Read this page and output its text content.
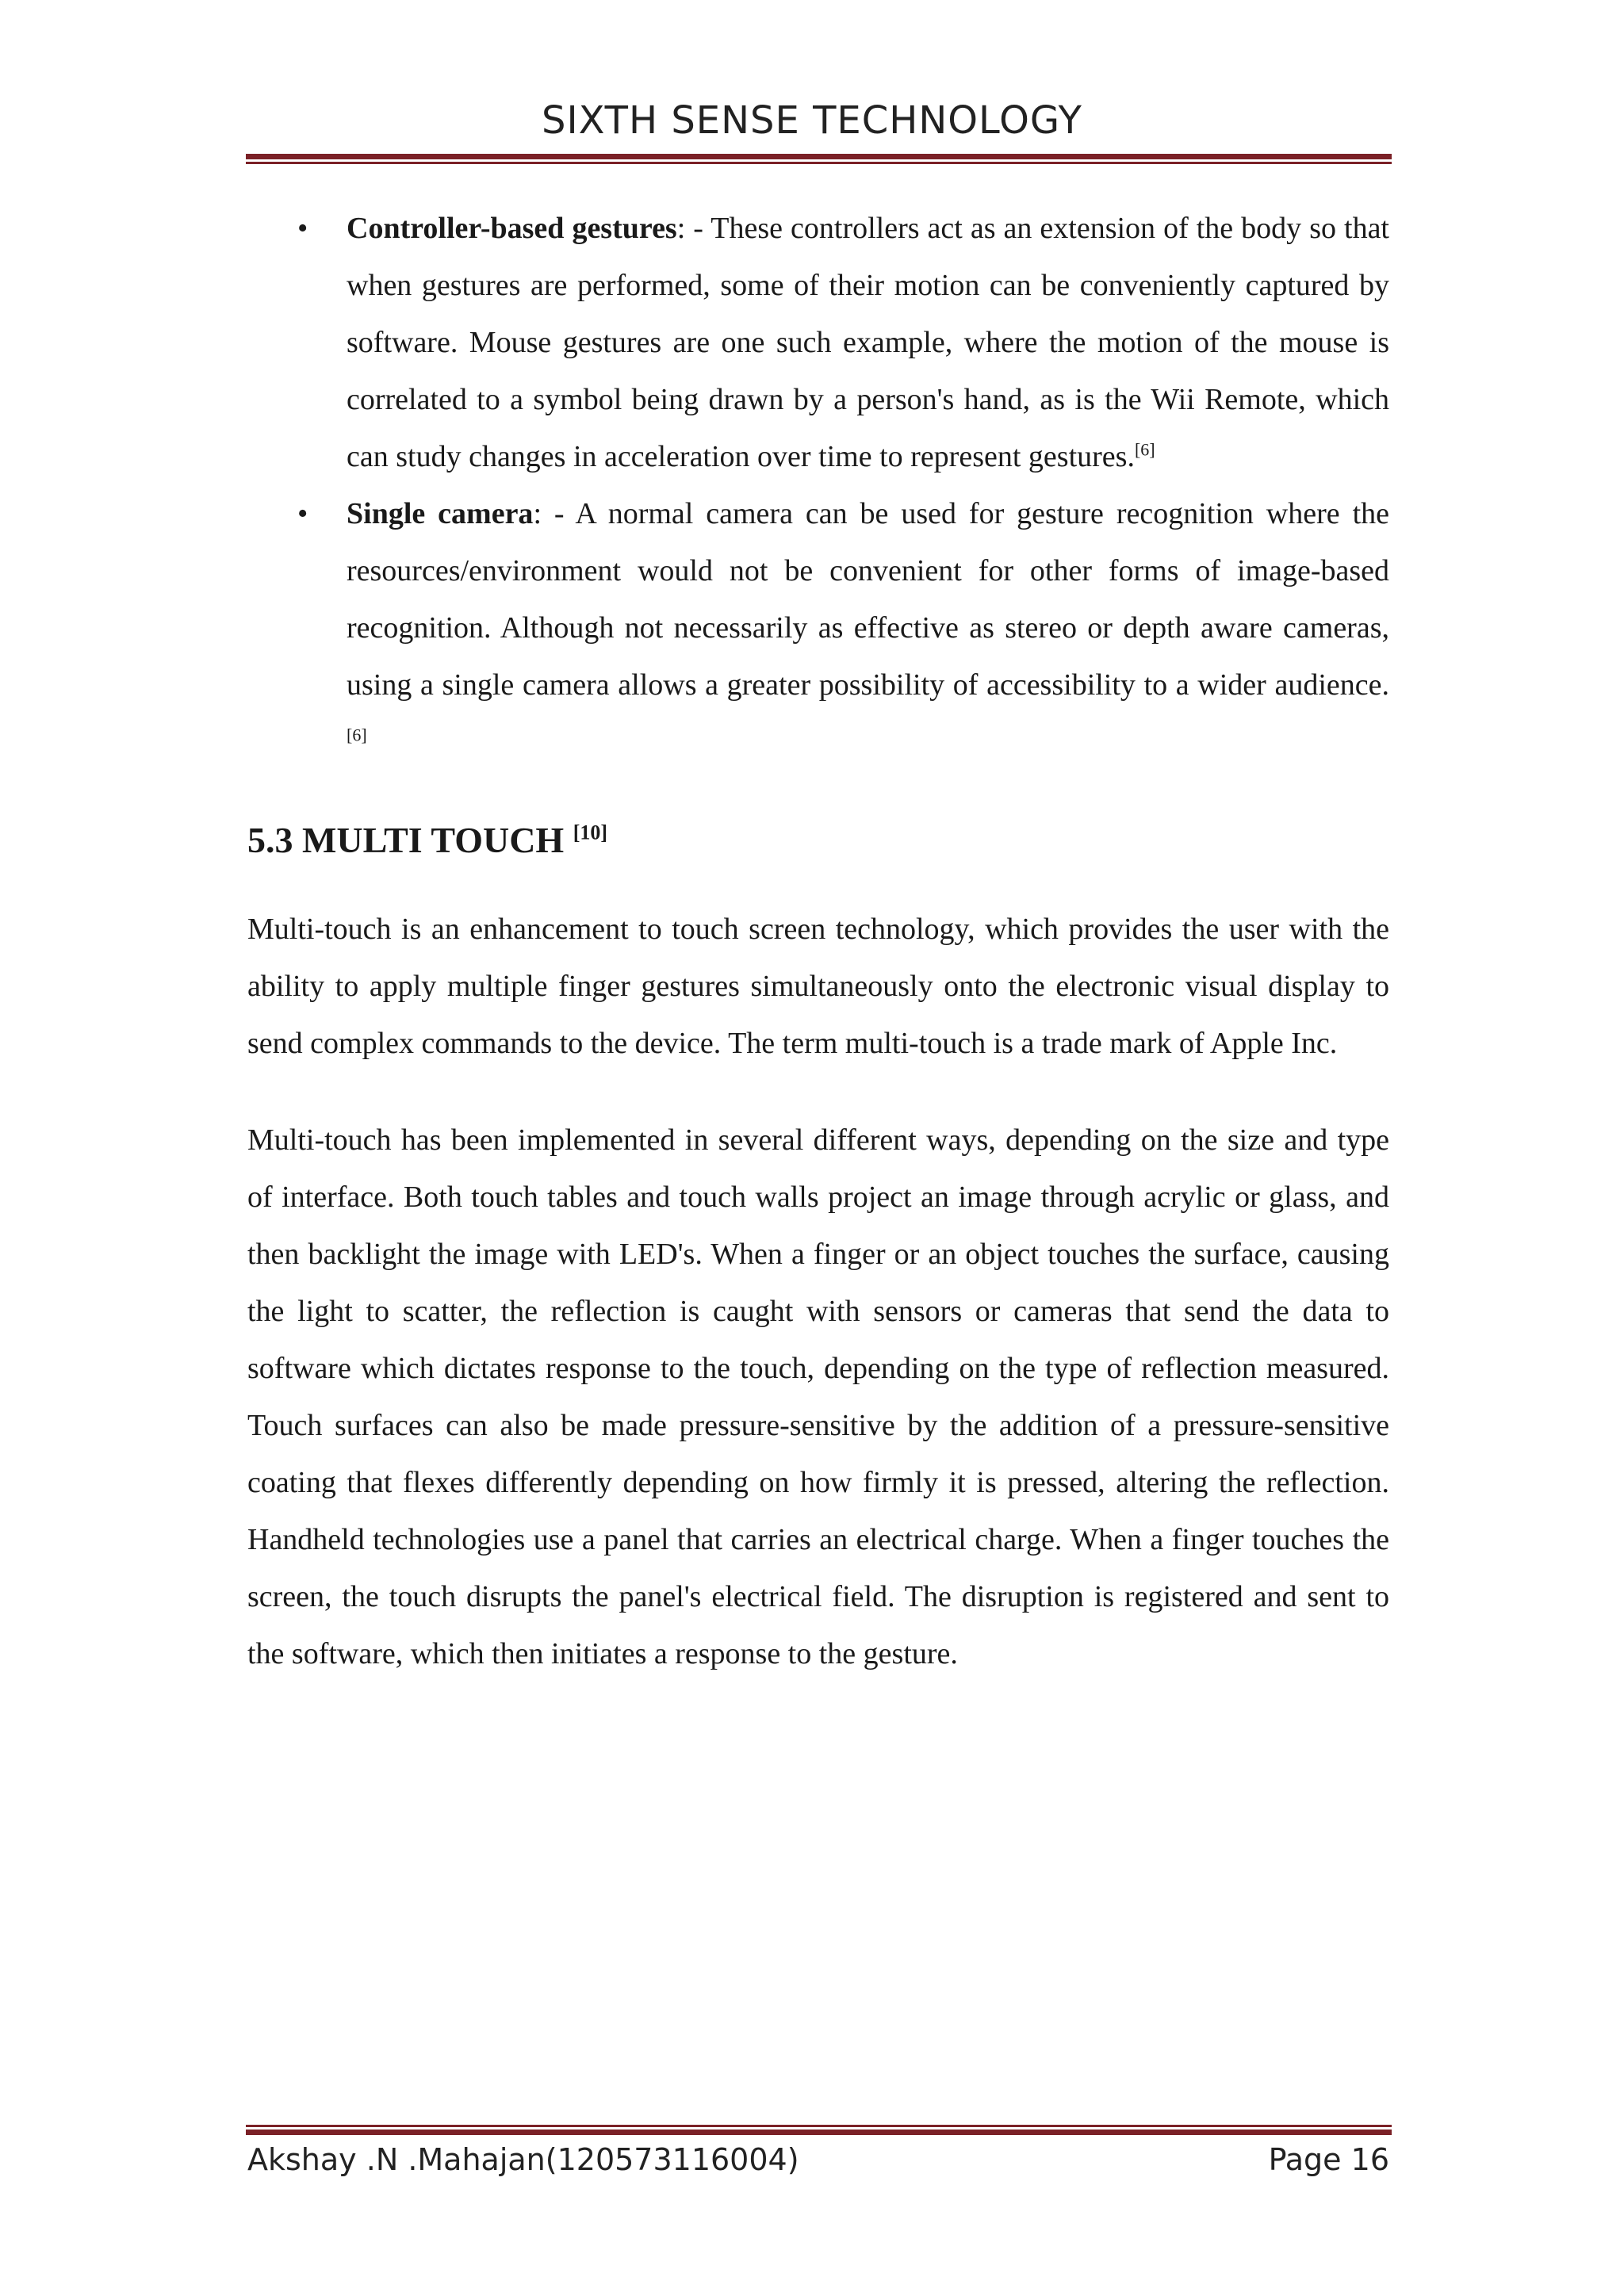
SIXTH SENSE TECHNOLOGY
• Controller-based gestures: - These controllers act as an extension of the body so that when gestures are performed, some of their motion can be conveniently captured by software. Mouse gestures are one such example, where the motion of the mouse is correlated to a symbol being drawn by a person's hand, as is the Wii Remote, which can study changes in acceleration over time to represent gestures.[6]
• Single camera: - A normal camera can be used for gesture recognition where the resources/environment would not be convenient for other forms of image-based recognition. Although not necessarily as effective as stereo or depth aware cameras, using a single camera allows a greater possibility of accessibility to a wider audience.[6]
5.3 MULTI TOUCH [10]

Multi-touch is an enhancement to touch screen technology, which provides the user with the ability to apply multiple finger gestures simultaneously onto the electronic visual display to send complex commands to the device. The term multi-touch is a trade mark of Apple Inc.

Multi-touch has been implemented in several different ways, depending on the size and type of interface. Both touch tables and touch walls project an image through acrylic or glass, and then backlight the image with LED's. When a finger or an object touches the surface, causing the light to scatter, the reflection is caught with sensors or cameras that send the data to software which dictates response to the touch, depending on the type of reflection measured. Touch surfaces can also be made pressure-sensitive by the addition of a pressure-sensitive coating that flexes differently depending on how firmly it is pressed, altering the reflection. Handheld technologies use a panel that carries an electrical charge. When a finger touches the screen, the touch disrupts the panel's electrical field. The disruption is registered and sent to the software, which then initiates a response to the gesture.

Akshay .N .Mahajan(120573116004)	Page 16
